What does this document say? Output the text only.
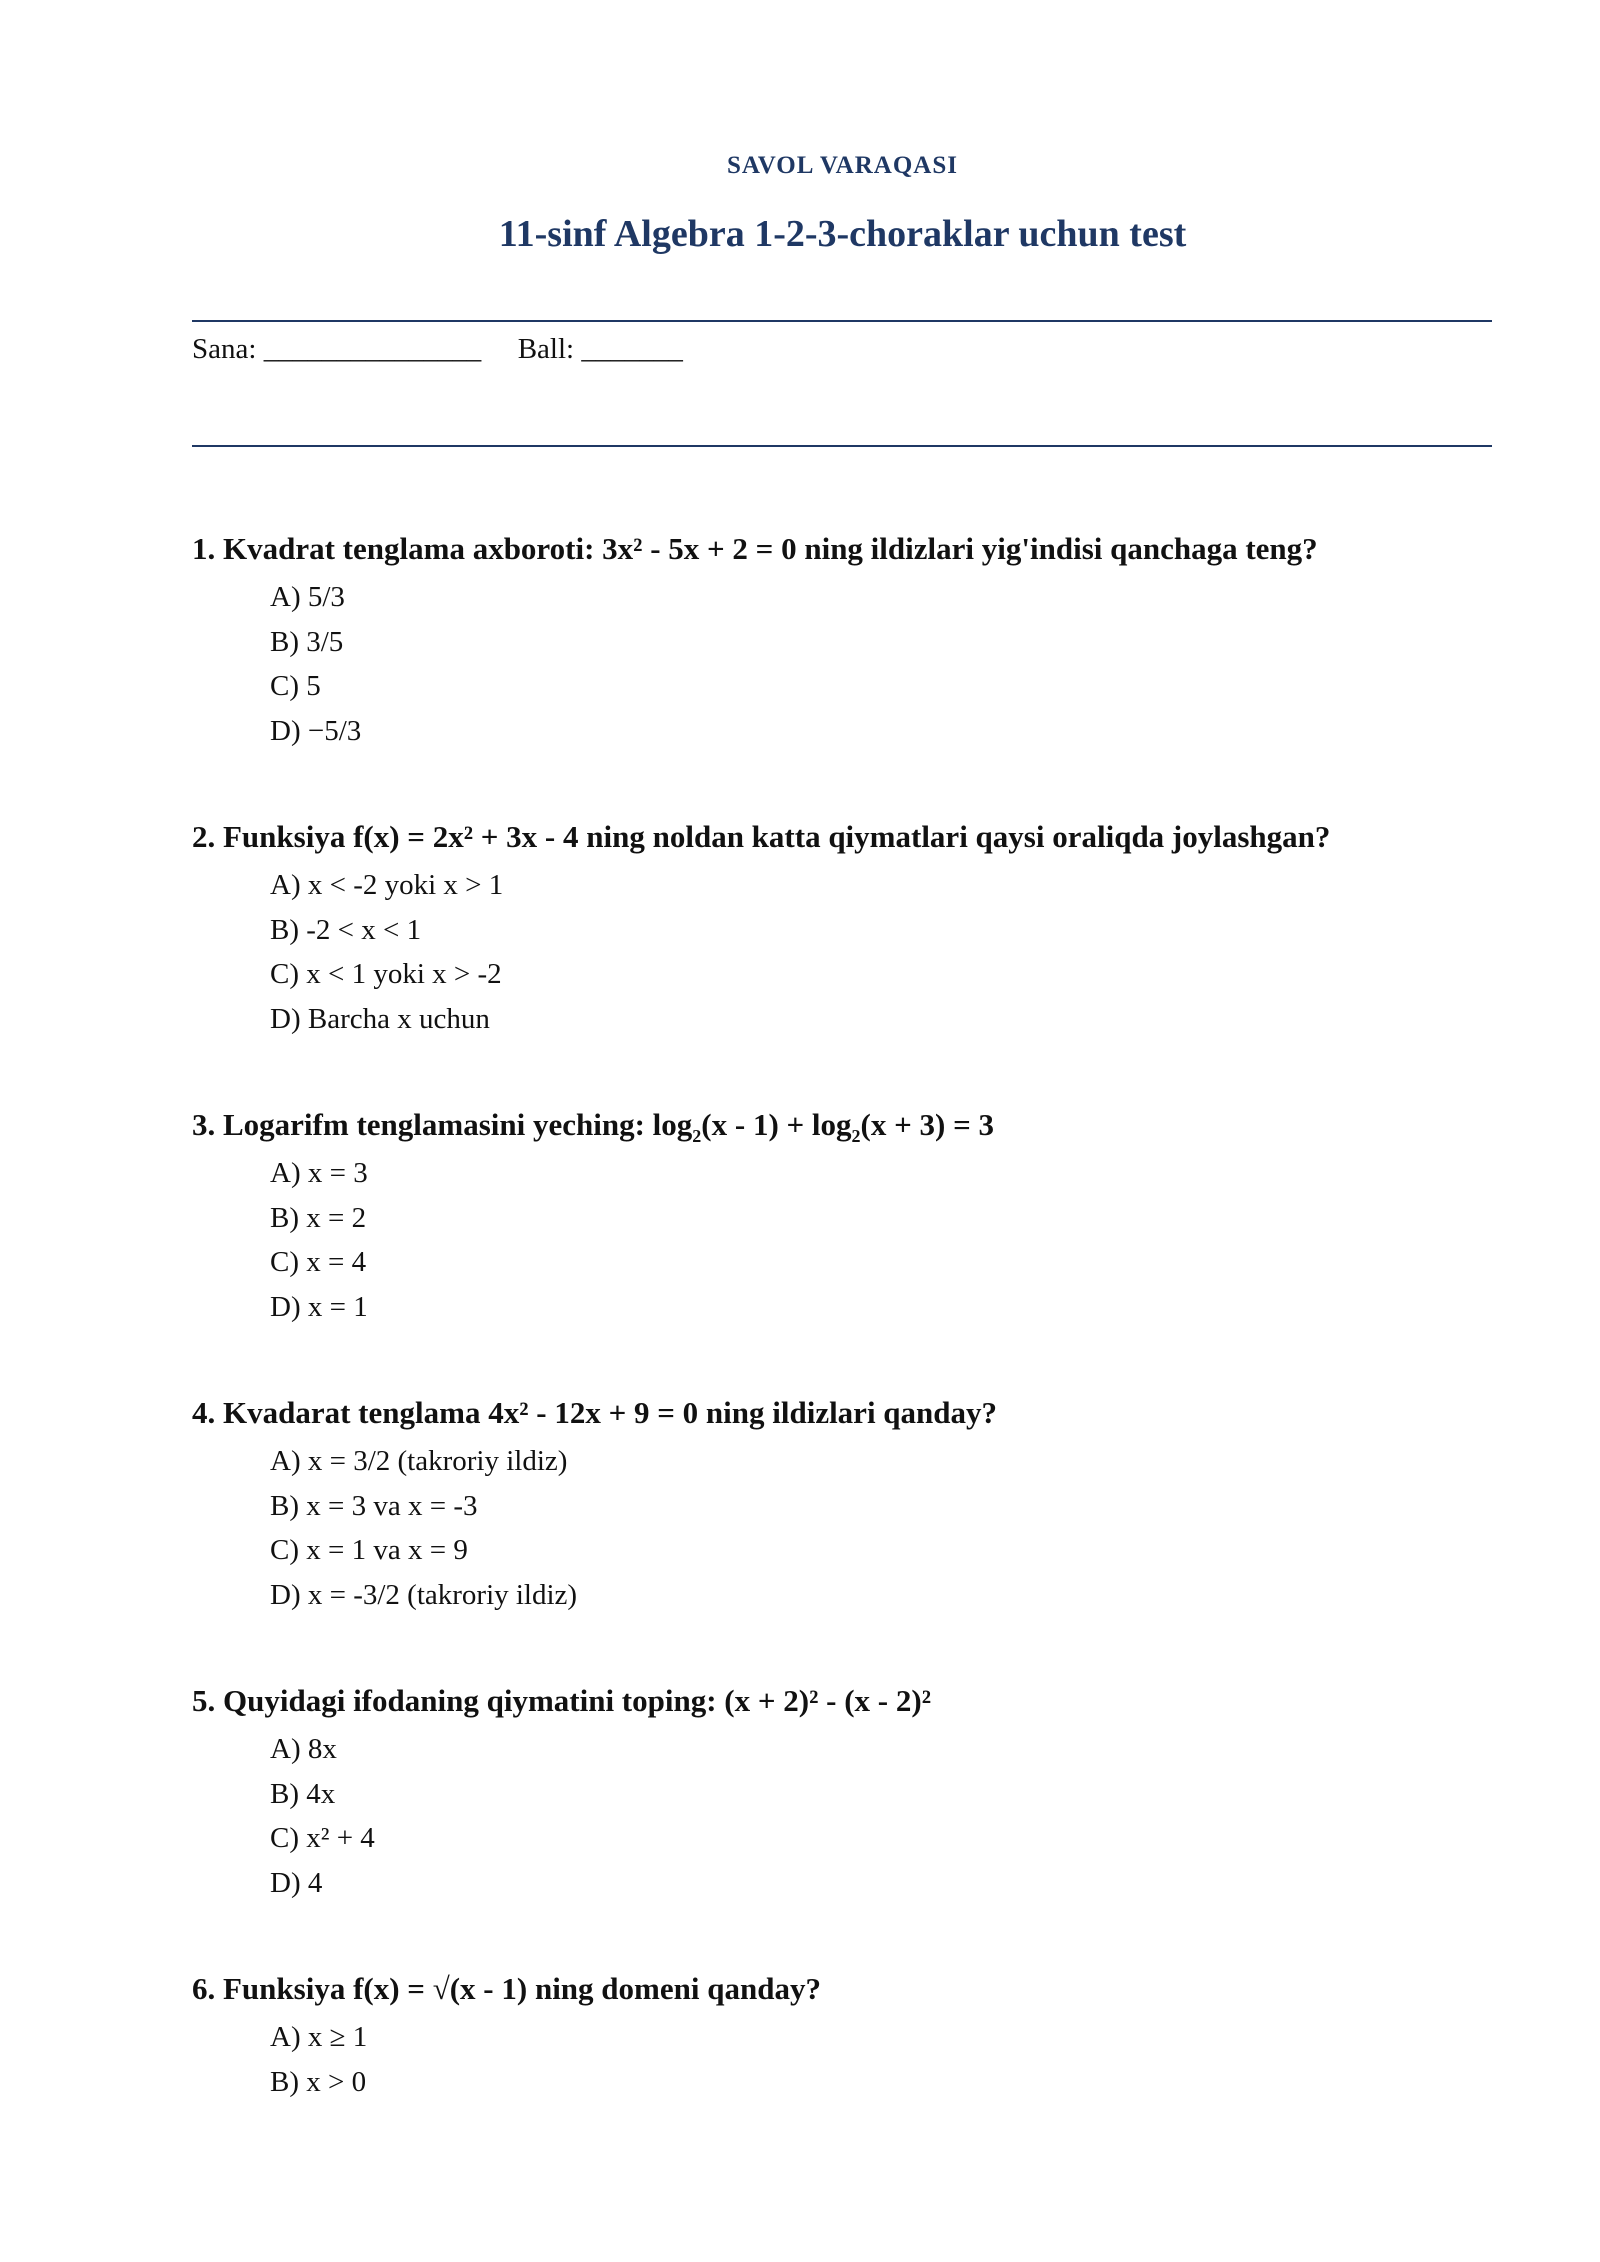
SAVOL VARAQASI
11-sinf Algebra 1-2-3-choraklar uchun test
Sana: _______________ Ball: _______
1. Kvadrat tenglama axboroti: 3x² - 5x + 2 = 0 ning ildizlari yig'indisi qanchaga teng?
A) 5/3
B) 3/5
C) 5
D) −5/3
2. Funksiya f(x) = 2x² + 3x - 4 ning noldan katta qiymatlari qaysi oraliqda joylashgan?
A) x < -2 yoki x > 1
B) -2 < x < 1
C) x < 1 yoki x > -2
D) Barcha x uchun
3. Logarifm tenglamasini yeching: $\log_2(x - 1) + \log_2(x + 3) = 3$
A) x = 3
B) x = 2
C) x = 4
D) x = 1
4. Kvadarat tenglama 4x² - 12x + 9 = 0 ning ildizlari qanday?
A) x = 3/2 (takroriy ildiz)
B) x = 3 va x = -3
C) x = 1 va x = 9
D) x = -3/2 (takroriy ildiz)
5. Quyidagi ifodaning qiymatini toping: (x + 2)² - (x - 2)²
A) 8x
B) 4x
C) x² + 4
D) 4
6. Funksiya f(x) = √(x - 1) ning domeni qanday?
A) x ≥ 1
B) x > 0
